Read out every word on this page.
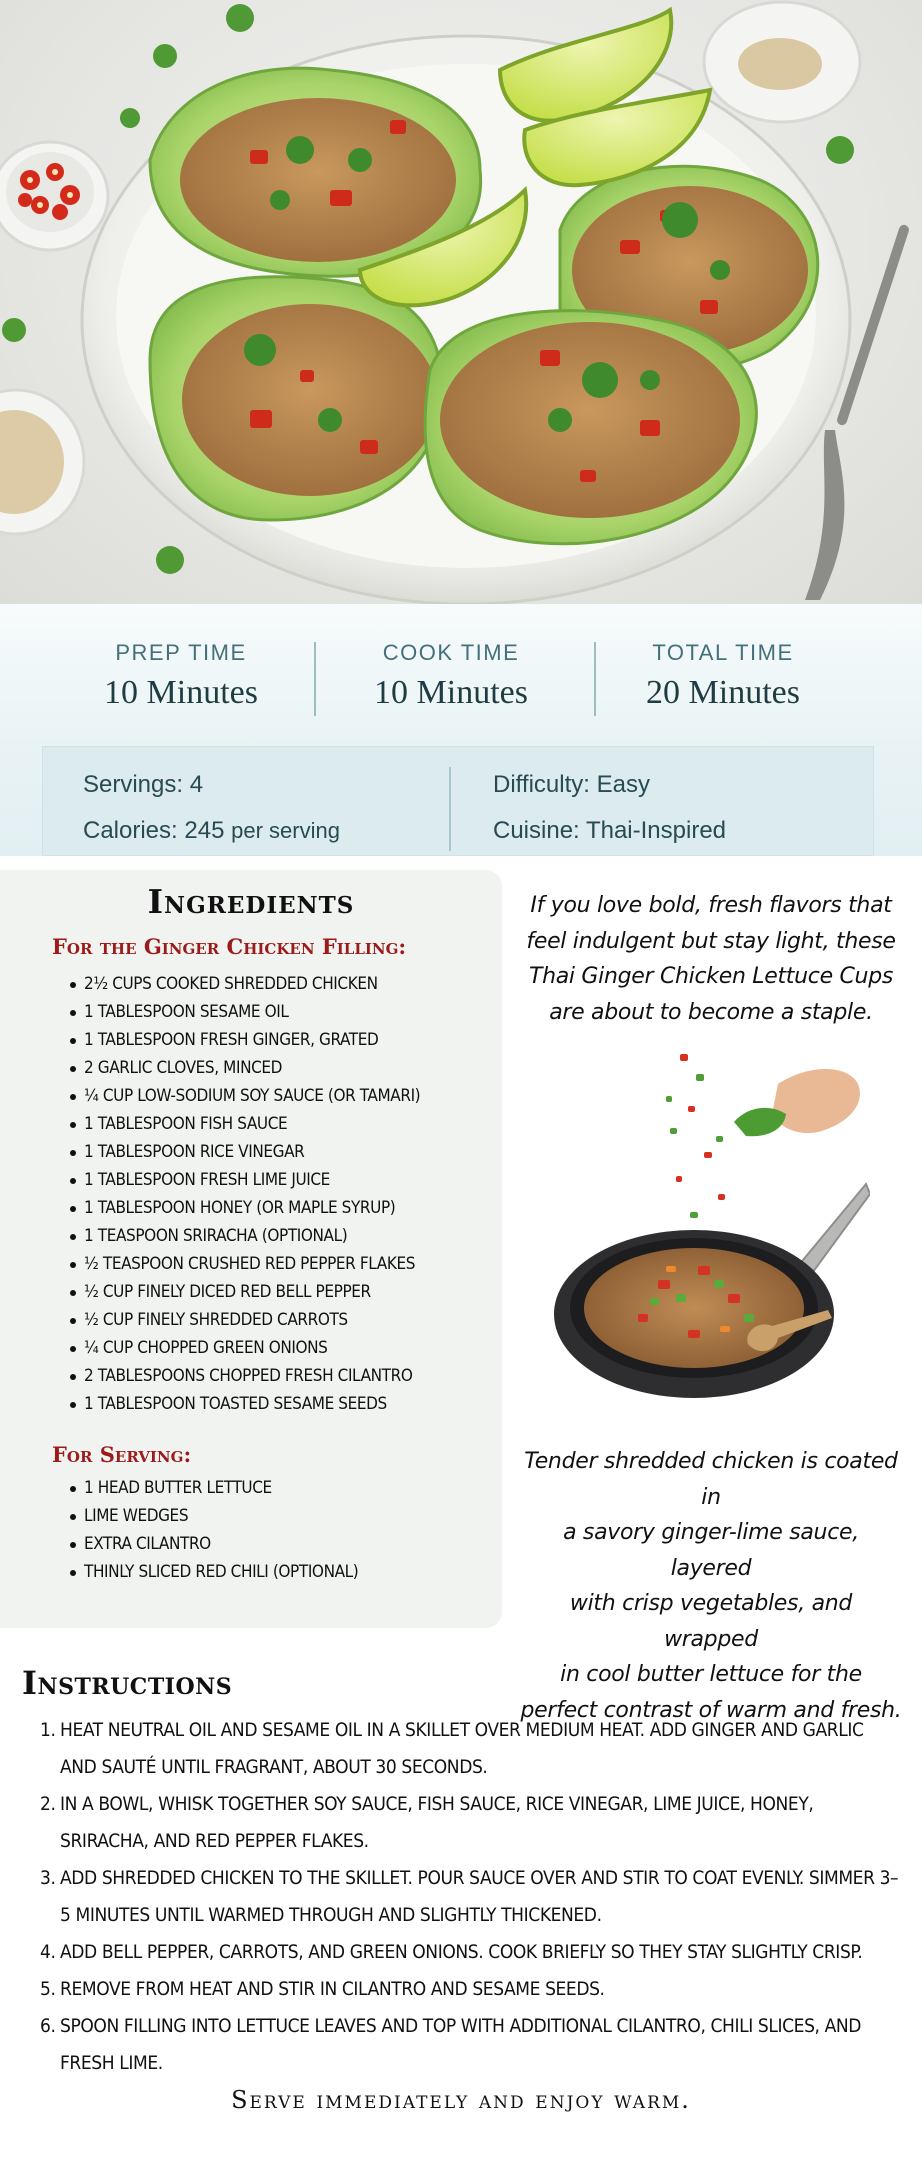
PREP TIME
10 Minutes
COOK TIME
10 Minutes
TOTAL TIME
20 Minutes
Servings: 4
Calories: 245 per serving
Difficulty: Easy
Cuisine: Thai-Inspired
Ingredients
For the Ginger Chicken Filling:
2½ CUPS COOKED SHREDDED CHICKEN
1 TABLESPOON SESAME OIL
1 TABLESPOON FRESH GINGER, GRATED
2 GARLIC CLOVES, MINCED
¼ CUP LOW-SODIUM SOY SAUCE (OR TAMARI)
1 TABLESPOON FISH SAUCE
1 TABLESPOON RICE VINEGAR
1 TABLESPOON FRESH LIME JUICE
1 TABLESPOON HONEY (OR MAPLE SYRUP)
1 TEASPOON SRIRACHA (OPTIONAL)
½ TEASPOON CRUSHED RED PEPPER FLAKES
½ CUP FINELY DICED RED BELL PEPPER
½ CUP FINELY SHREDDED CARROTS
¼ CUP CHOPPED GREEN ONIONS
2 TABLESPOONS CHOPPED FRESH CILANTRO
1 TABLESPOON TOASTED SESAME SEEDS
For Serving:
1 HEAD BUTTER LETTUCE
LIME WEDGES
EXTRA CILANTRO
THINLY SLICED RED CHILI (OPTIONAL)
If you love bold, fresh flavors that
feel indulgent but stay light, these
Thai Ginger Chicken Lettuce Cups
are about to become a staple.
Tender shredded chicken is coated in
a savory ginger-lime sauce, layered
with crisp vegetables, and wrapped
in cool butter lettuce for the
perfect contrast of warm and fresh.
Instructions
1. HEAT NEUTRAL OIL AND SESAME OIL IN A SKILLET OVER MEDIUM HEAT. ADD GINGER AND GARLIC AND SAUTÉ UNTIL FRAGRANT, ABOUT 30 SECONDS.
2. IN A BOWL, WHISK TOGETHER SOY SAUCE, FISH SAUCE, RICE VINEGAR, LIME JUICE, HONEY, SRIRACHA, AND RED PEPPER FLAKES.
3. ADD SHREDDED CHICKEN TO THE SKILLET. POUR SAUCE OVER AND STIR TO COAT EVENLY. SIMMER 3–5 MINUTES UNTIL WARMED THROUGH AND SLIGHTLY THICKENED.
4. ADD BELL PEPPER, CARROTS, AND GREEN ONIONS. COOK BRIEFLY SO THEY STAY SLIGHTLY CRISP.
5. REMOVE FROM HEAT AND STIR IN CILANTRO AND SESAME SEEDS.
6. SPOON FILLING INTO LETTUCE LEAVES AND TOP WITH ADDITIONAL CILANTRO, CHILI SLICES, AND FRESH LIME.
Serve immediately and enjoy warm.
